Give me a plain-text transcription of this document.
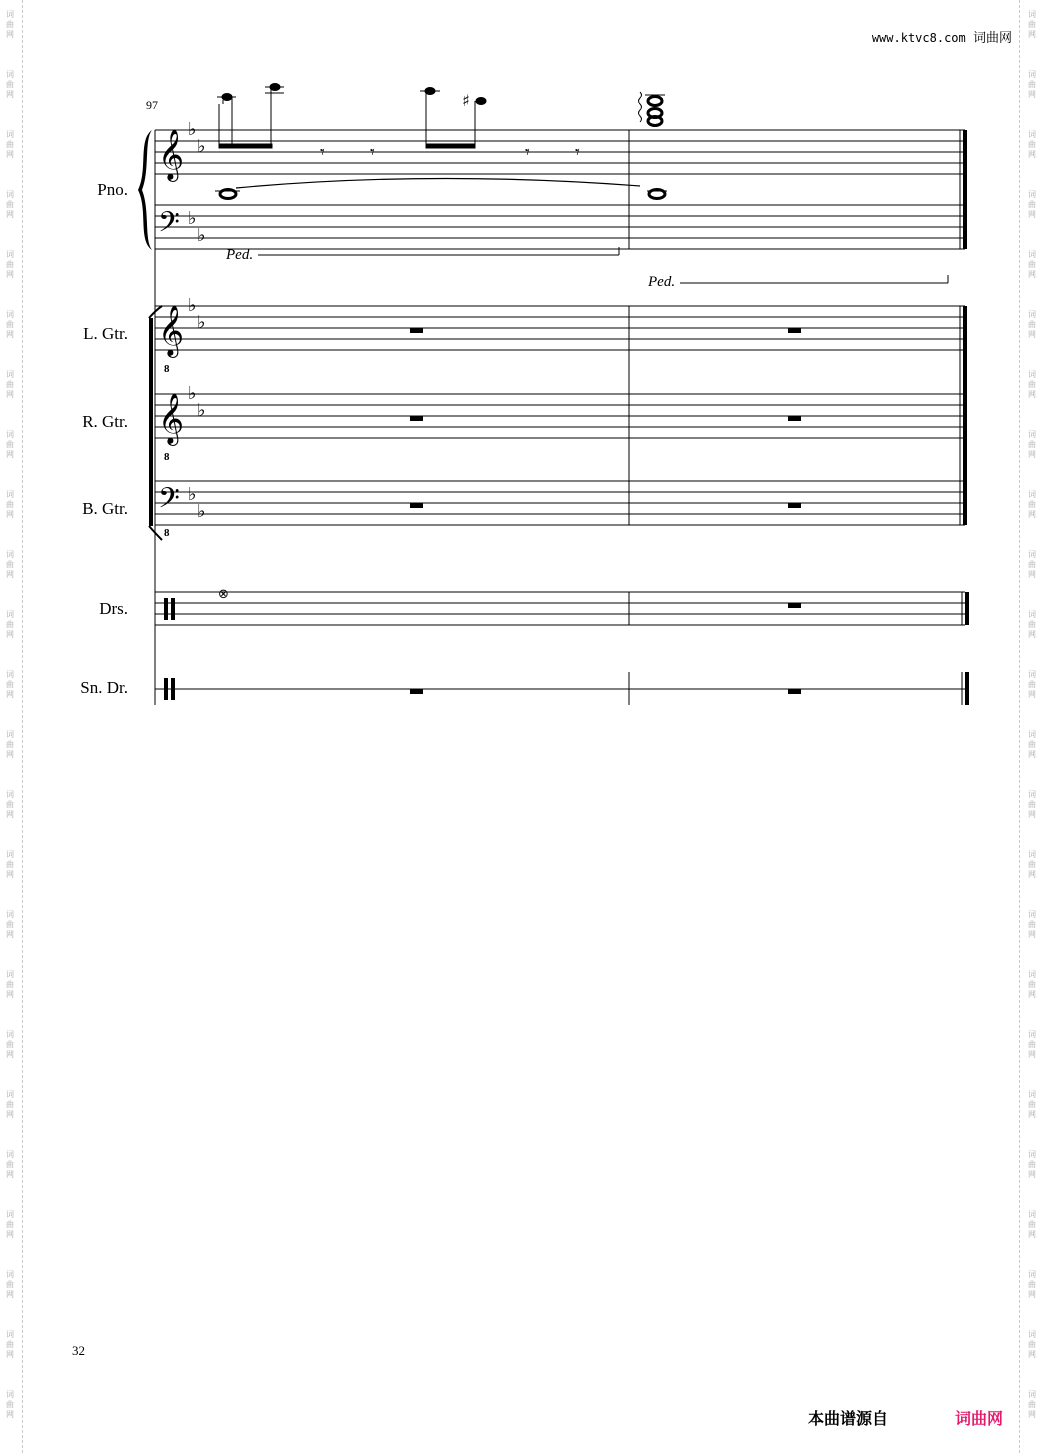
词
曲
网

词
曲
网

词
曲
网

词
曲
网

词
曲
网

词
曲
网

词
曲
网

词
曲
网

词
曲
网

词
曲
网

词
曲
网

词
曲
网

词
曲
网

词
曲
网

词
曲
网

词
曲
网

词
曲
网

词
曲
网

词
曲
网

词
曲
网

词
曲
网

词
曲
网

词
曲
网

词
曲
网

词
曲
网

词
曲
网

词
曲
网

词
曲
网

词
曲
网

词
曲
网

词
曲
网

词
曲
网

词
曲
网

词
曲
网

词
曲
网

词
曲
网

词
曲
网

词
曲
网

词
曲
网

词
曲
网

词
曲
网

词
曲
网

词
曲
网

词
曲
网

词
曲
网

词
曲
网

词
曲
网

词
曲
网
www.ktvc8.com 词曲网
Pno.
L. Gtr.
R. Gtr.
B. Gtr.
Drs.
Sn. Dr.
𝄞
𝄢
𝄞
𝄞
𝄢
8
8
8
♭
♭
♭
♭
♭
♭
♭
♭
♭
♭
97	♯
𝄾	𝄾	𝄾	𝄾
Ped.
Ped.
⊗
32
本曲谱源自	词曲网
